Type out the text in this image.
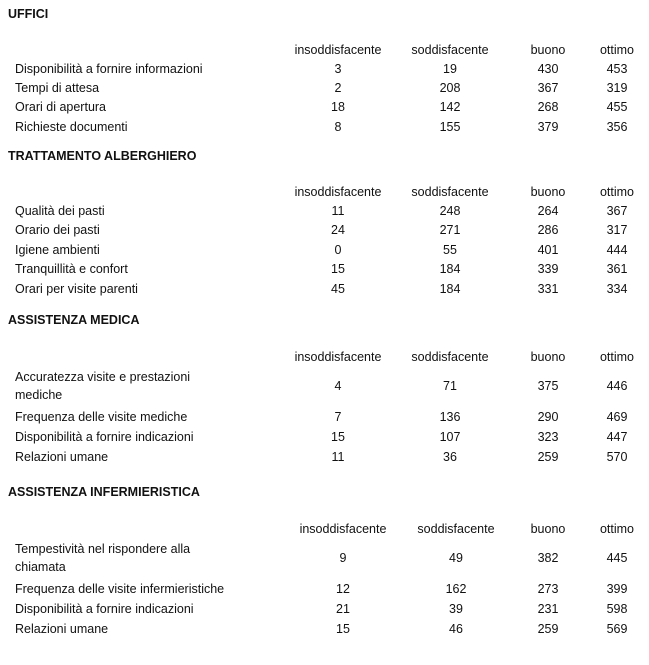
UFFICI
insoddisfacente	soddisfacente	buono	ottimo
Disponibilità a fornire informazioni	3	19	430	453
Tempi di attesa	2	208	367	319
Orari di apertura	18	142	268	455
Richieste documenti	8	155	379	356
TRATTAMENTO ALBERGHIERO
insoddisfacente	soddisfacente	buono	ottimo
Qualità dei pasti	11	248	264	367
Orario dei pasti	24	271	286	317
Igiene ambienti	0	55	401	444
Tranquillità e confort	15	184	339	361
Orari per visite parenti	45	184	331	334
ASSISTENZA MEDICA
insoddisfacente	soddisfacente	buono	ottimo
Accuratezza visite e prestazioni
mediche
4	71	375	446
Frequenza delle visite mediche	7	136	290	469
Disponibilità a fornire indicazioni	15	107	323	447
Relazioni umane	11	36	259	570
ASSISTENZA INFERMIERISTICA
insoddisfacente	soddisfacente	buono	ottimo
Tempestività nel rispondere alla
chiamata
9	49	382	445
Frequenza delle visite infermieristiche	12	162	273	399
Disponibilità a fornire indicazioni	21	39	231	598
Relazioni umane	15	46	259	569
